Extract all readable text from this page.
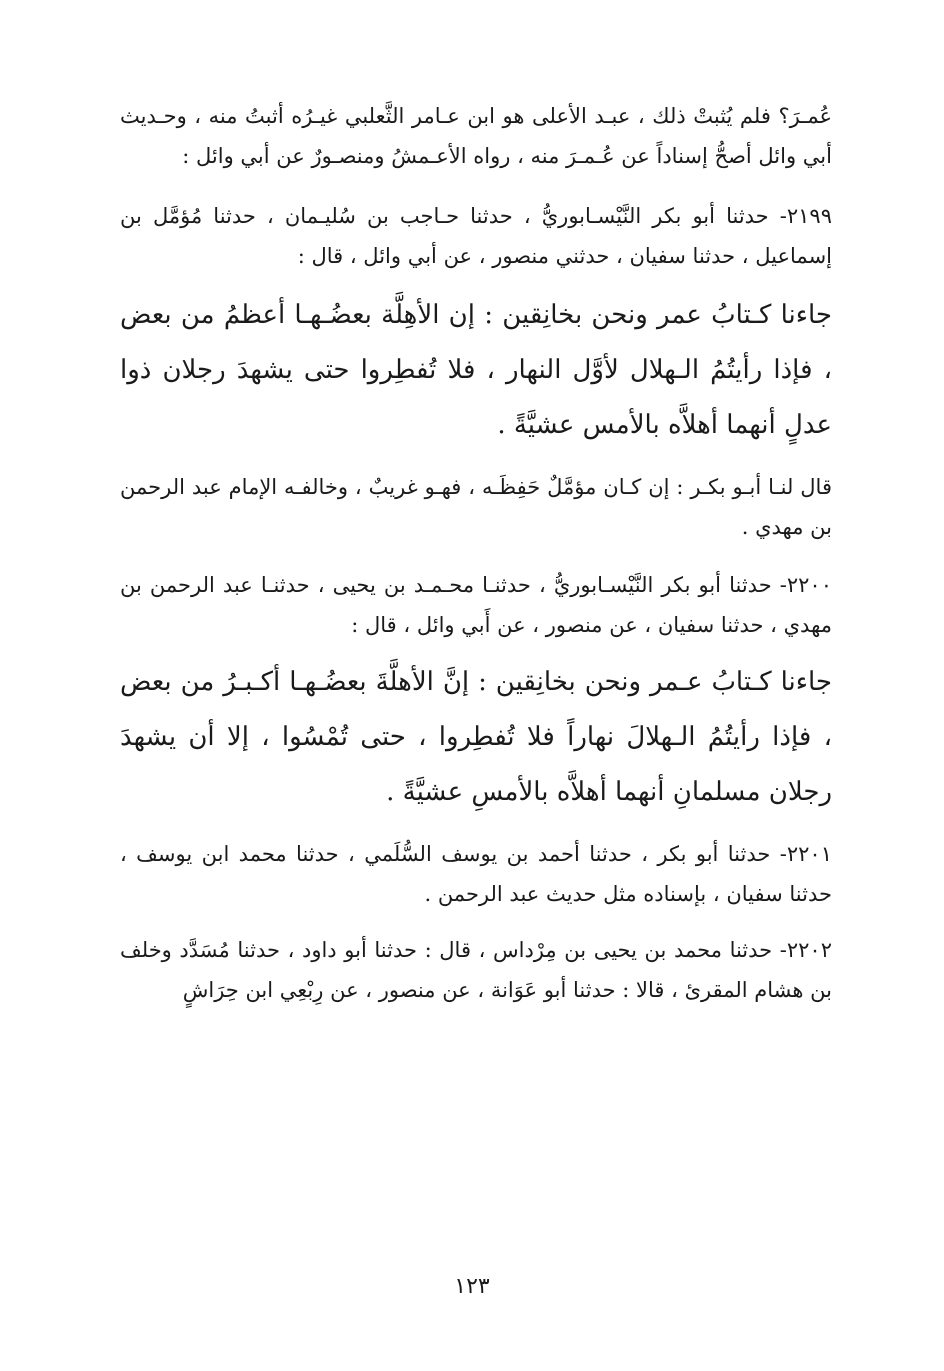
عُمـرَ؟ فلم يُثبتْ ذلك ، عبـد الأعلى هو ابن عـامر الثَّعلبي غيـرُه أثبتُ منه ، وحـديث أبي وائل أصحُّ إسناداً عن عُـمـرَ منه ، رواه الأعـمشُ ومنصـورٌ عن أبي وائل :

٢١٩٩- حدثنا أبو بكر النَّيْسـابوريُّ ، حدثنا حـاجب بن سُليـمان ، حدثنا مُؤمَّل بن إسماعيل ، حدثنا سفيان ، حدثني منصور ، عن أبي وائل ، قال :

جاءنا كـتابُ عمر ونحن بخانِقين : إن الأهِلَّة بعضُـهـا أعظمُ من بعض ، فإذا رأيتُمُ الـهلال لأوَّل النهار ، فلا تُفطِروا حتى يشهدَ رجلان ذوا عدلٍ أنهما أهلاَّه بالأمس عشيَّةً .

قال لنـا أبـو بكـر : إن كـان مؤمَّلٌ حَفِظَـه ، فهـو غريبٌ ، وخالفـه الإمام عبد الرحمن بن مهدي .

٢٢٠٠- حدثنا أبو بكر النَّيْسـابوريُّ ، حدثنـا محـمـد بن يحيى ، حدثنـا عبد الرحمن بن مهدي ، حدثنا سفيان ، عن منصور ، عن أَبي وائل ، قال :

جاءنا كـتابُ عـمر ونحن بخانِقين : إنَّ الأهلَّةَ بعضُـهـا أكـبـرُ من بعض ، فإذا رأيتُمُ الـهلالَ نهاراً فلا تُفطِروا ، حتى تُمْسُوا ، إلا أن يشهدَ رجلان مسلمانِ أنهما أهلاَّه بالأمسِ عشيَّةً .

٢٢٠١- حدثنا أبو بكر ، حدثنا أحمد بن يوسف السُّلَمي ، حدثنا محمد ابن يوسف ، حدثنا سفيان ، بإسناده مثل حديث عبد الرحمن .

٢٢٠٢- حدثنا محمد بن يحيى بن مِرْداس ، قال : حدثنا أبو داود ، حدثنا مُسَدَّد وخلف بن هشام المقرئ ، قالا : حدثنا أبو عَوَانة ، عن منصور ، عن رِبْعِي ابن حِرَاشٍ

١٢٣
